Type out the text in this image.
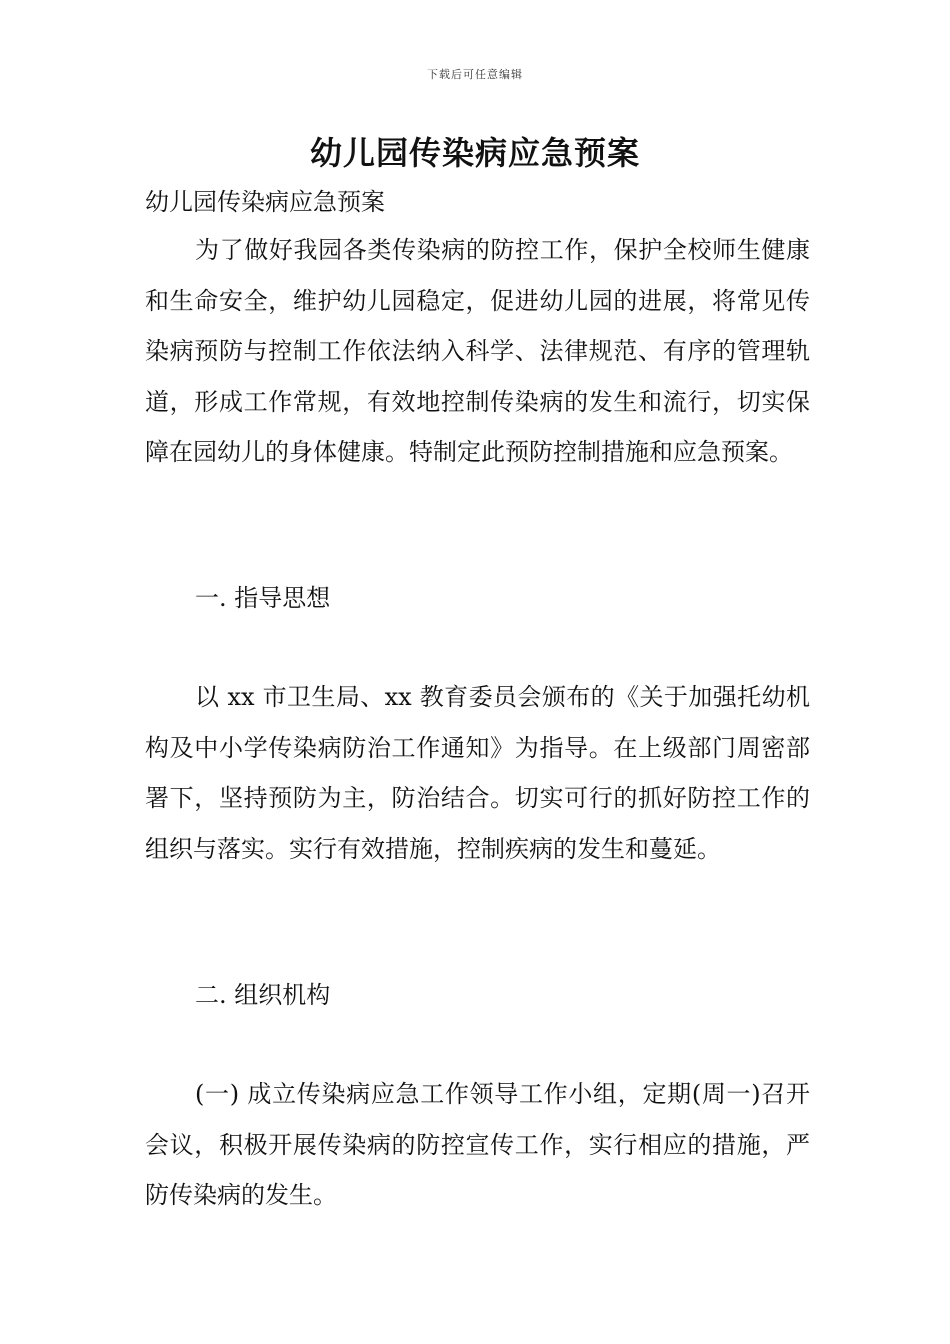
下载后可任意编辑
幼儿园传染病应急预案

幼儿园传染病应急预案

为了做好我园各类传染病的防控工作，保护全校师生健康和生命安全，维护幼儿园稳定，促进幼儿园的进展，将常见传染病预防与控制工作依法纳入科学、法律规范、有序的管理轨道，形成工作常规，有效地控制传染病的发生和流行，切实保障在园幼儿的身体健康。特制定此预防控制措施和应急预案。

一. 指导思想

以 xx 市卫生局、xx 教育委员会颁布的《关于加强托幼机构及中小学传染病防治工作通知》为指导。在上级部门周密部署下，坚持预防为主，防治结合。切实可行的抓好防控工作的组织与落实。实行有效措施，控制疾病的发生和蔓延。

二. 组织机构

(一) 成立传染病应急工作领导工作小组，定期(周一)召开会议，积极开展传染病的防控宣传工作，实行相应的措施，严防传染病的发生。
